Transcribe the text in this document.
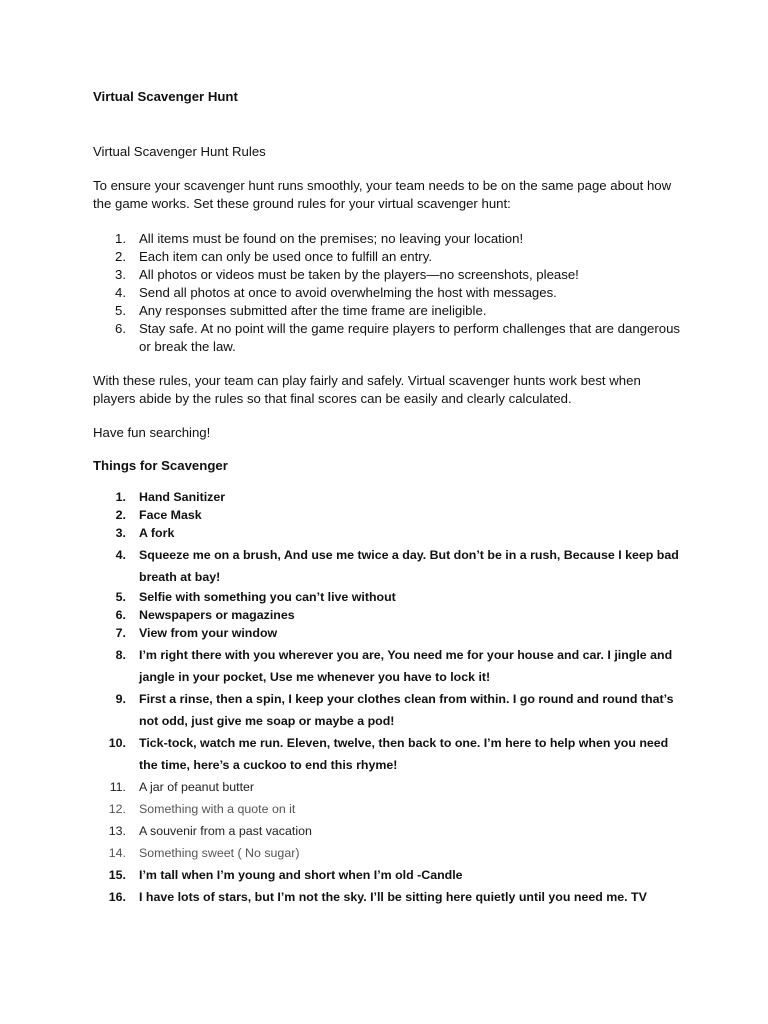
Virtual Scavenger Hunt

Virtual Scavenger Hunt Rules

To ensure your scavenger hunt runs smoothly, your team needs to be on the same page about how the game works. Set these ground rules for your virtual scavenger hunt:

1. All items must be found on the premises; no leaving your location!
2. Each item can only be used once to fulfill an entry.
3. All photos or videos must be taken by the players—no screenshots, please!
4. Send all photos at once to avoid overwhelming the host with messages.
5. Any responses submitted after the time frame are ineligible.
6. Stay safe. At no point will the game require players to perform challenges that are dangerous or break the law.

With these rules, your team can play fairly and safely. Virtual scavenger hunts work best when players abide by the rules so that final scores can be easily and clearly calculated.

Have fun searching!

Things for Scavenger

1. Hand Sanitizer
2. Face Mask
3. A fork
4. Squeeze me on a brush, And use me twice a day. But don’t be in a rush, Because I keep bad breath at bay!
5. Selfie with something you can’t live without
6. Newspapers or magazines
7. View from your window
8. I’m right there with you wherever you are, You need me for your house and car. I jingle and jangle in your pocket, Use me whenever you have to lock it!
9. First a rinse, then a spin, I keep your clothes clean from within. I go round and round that’s not odd, just give me soap or maybe a pod!
10. Tick-tock, watch me run. Eleven, twelve, then back to one. I’m here to help when you need the time, here’s a cuckoo to end this rhyme!
11. A jar of peanut butter
12. Something with a quote on it
13. A souvenir from a past vacation
14. Something sweet ( No sugar)
15. I’m tall when I’m young and short when I’m old -Candle
16. I have lots of stars, but I’m not the sky. I’ll be sitting here quietly until you need me. TV
